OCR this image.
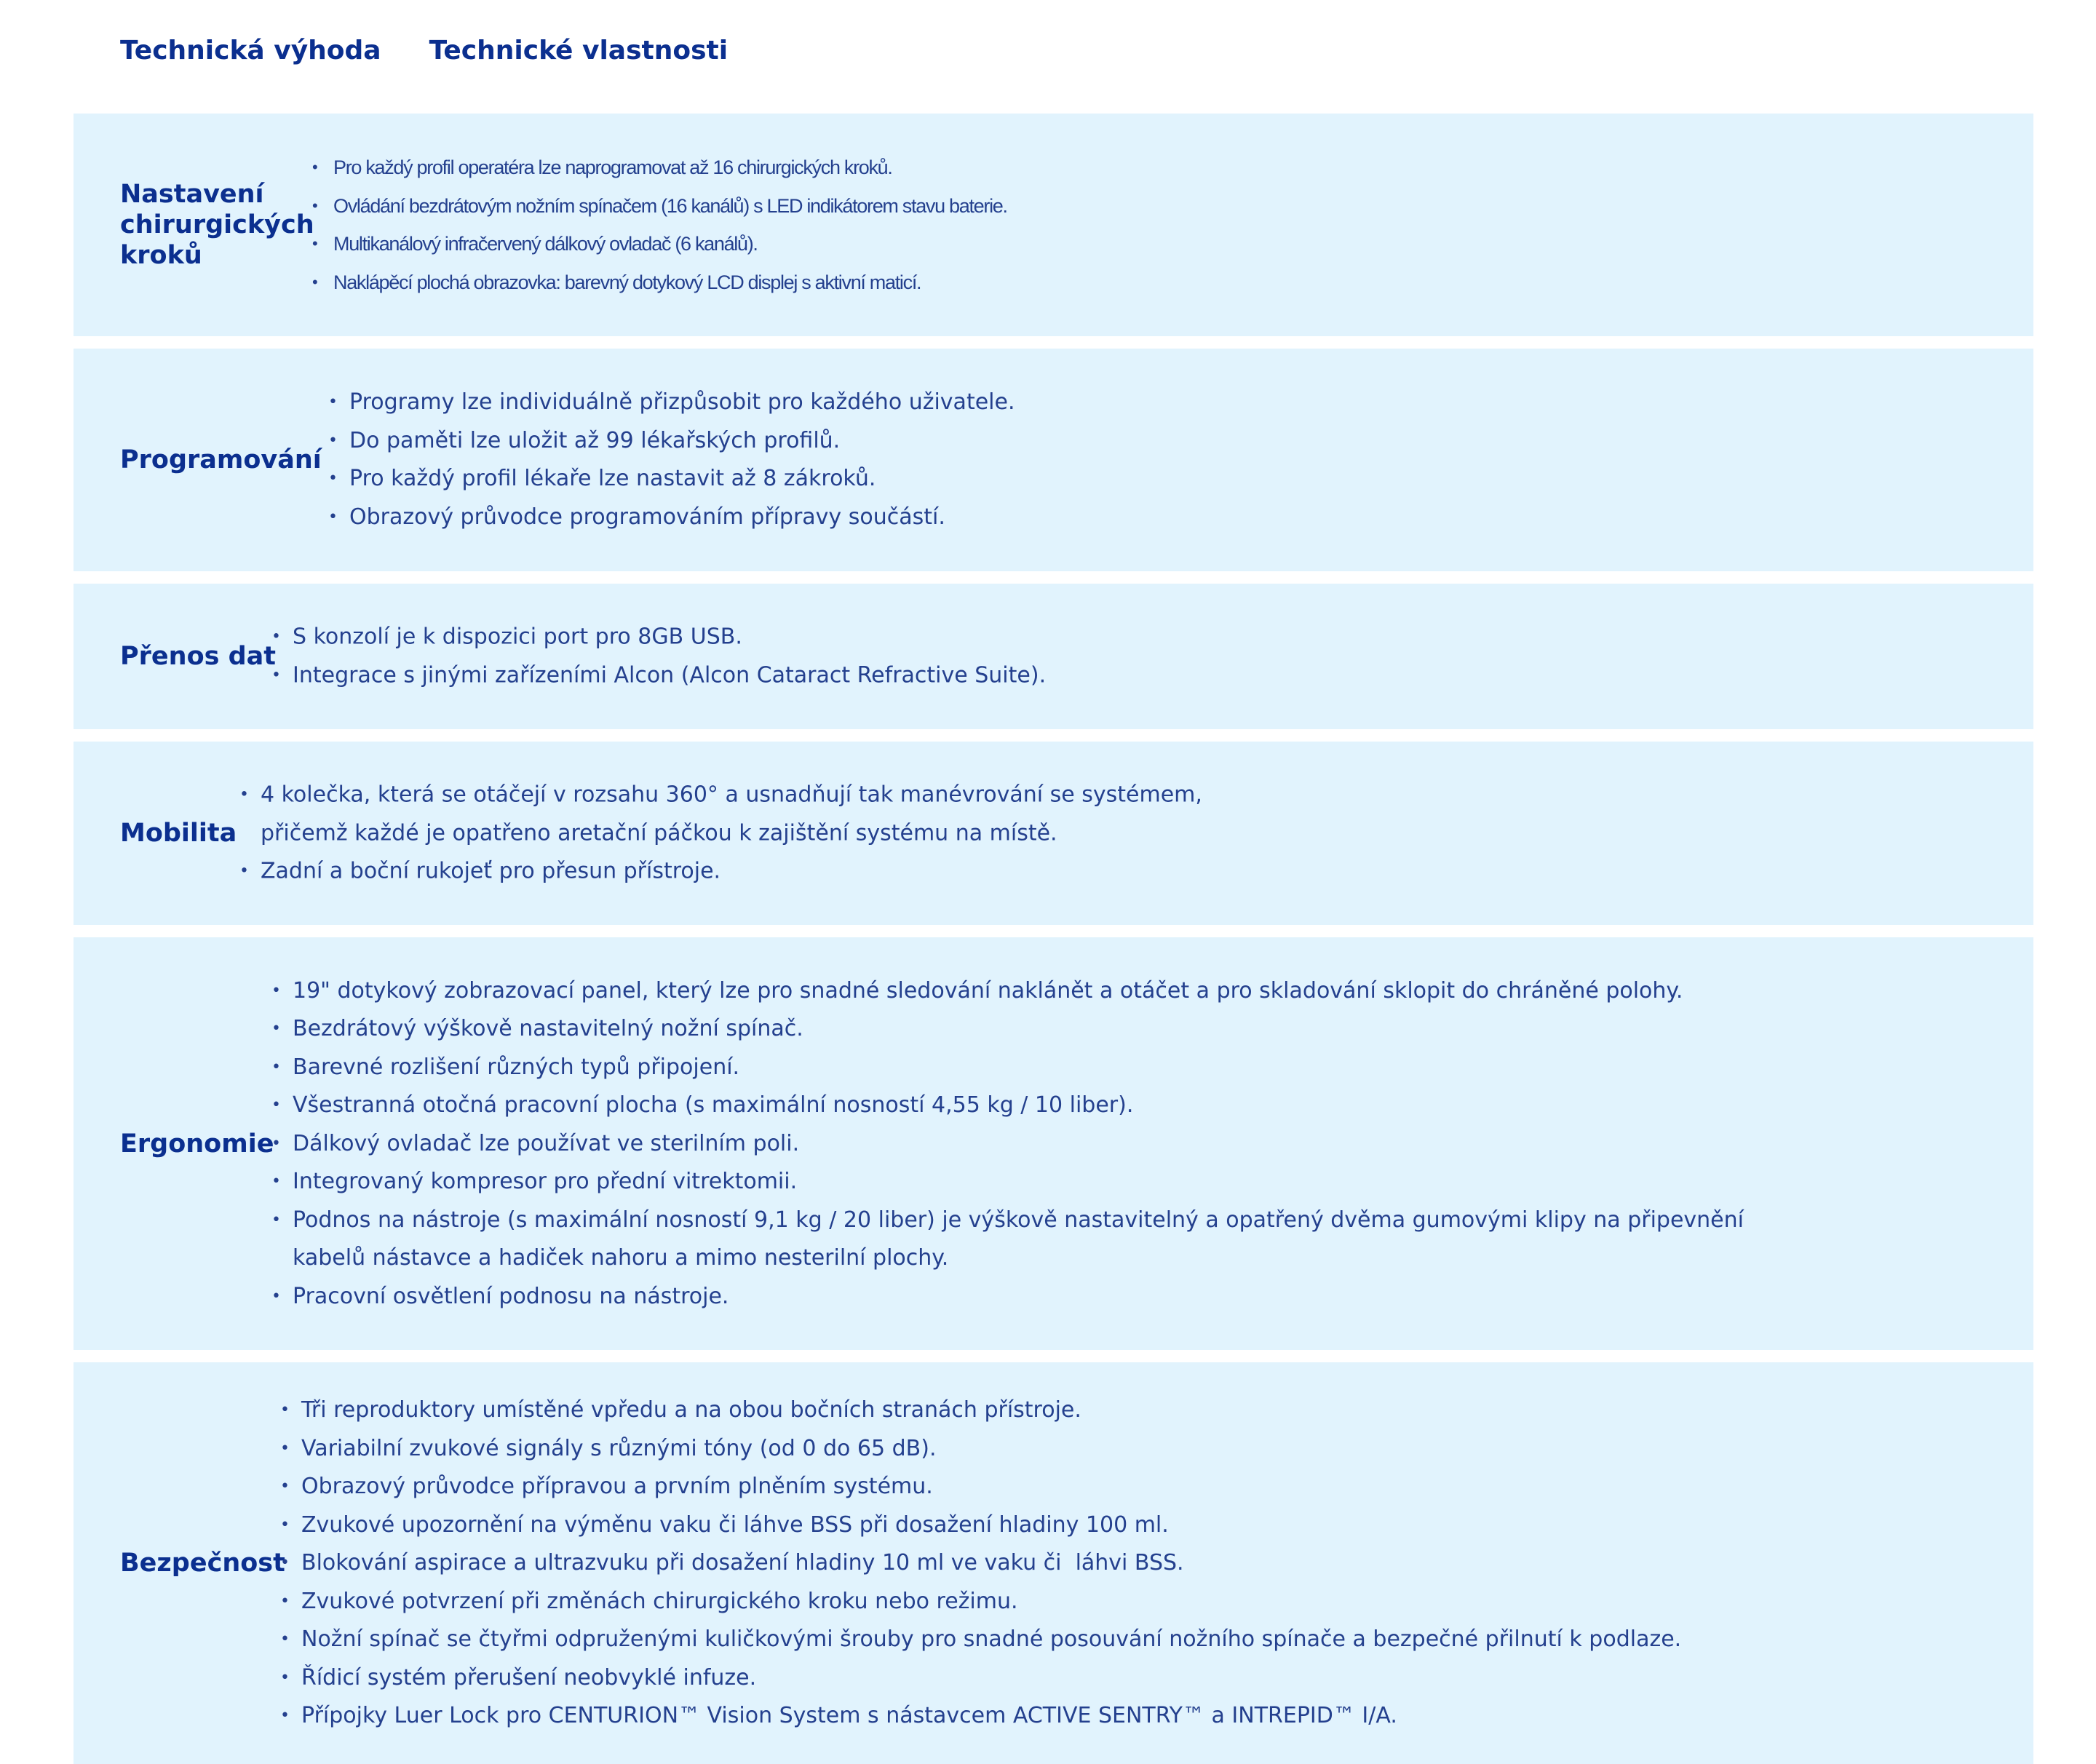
Technická výhoda Technické vlastnosti
Nastavení chirurgických kroků
• Pro každý profil operatéra lze naprogramovat až 16 chirurgických kroků.
• Ovládání bezdrátovým nožním spínačem (16 kanálů) s LED indikátorem stavu baterie.
• Multikanálový infračervený dálkový ovladač (6 kanálů).
• Naklápěcí plochá obrazovka: barevný dotykový LCD displej s aktivní maticí.
Programování
• Programy lze individuálně přizpůsobit pro každého uživatele.
• Do paměti lze uložit až 99 lékařských profilů.
• Pro každý profil lékaře lze nastavit až 8 zákroků.
• Obrazový průvodce programováním přípravy součástí.
Přenos dat
• S konzolí je k dispozici port pro 8GB USB.
• Integrace s jinými zařízeními Alcon (Alcon Cataract Refractive Suite).
Mobilita
• 4 kolečka, která se otáčejí v rozsahu 360° a usnadňují tak manévrování se systémem,
přičemž každé je opatřeno aretační páčkou k zajištění systému na místě.
• Zadní a boční rukojeť pro přesun přístroje.
Ergonomie
• 19" dotykový zobrazovací panel, který lze pro snadné sledování naklánět a otáčet a pro skladování sklopit do chráněné polohy.
• Bezdrátový výškově nastavitelný nožní spínač.
• Barevné rozlišení různých typů připojení.
• Všestranná otočná pracovní plocha (s maximální nosností 4,55 kg / 10 liber).
• Dálkový ovladač lze používat ve sterilním poli.
• Integrovaný kompresor pro přední vitrektomii.
• Podnos na nástroje (s maximální nosností 9,1 kg / 20 liber) je výškově nastavitelný a opatřený dvěma gumovými klipy na připevnění
kabelů nástavce a hadiček nahoru a mimo nesterilní plochy.
• Pracovní osvětlení podnosu na nástroje.
Bezpečnost
• Tři reproduktory umístěné vpředu a na obou bočních stranách přístroje.
• Variabilní zvukové signály s různými tóny (od 0 do 65 dB).
• Obrazový průvodce přípravou a prvním plněním systému.
• Zvukové upozornění na výměnu vaku či láhve BSS při dosažení hladiny 100 ml.
• Blokování aspirace a ultrazvuku při dosažení hladiny 10 ml ve vaku či  láhvi BSS.
• Zvukové potvrzení při změnách chirurgického kroku nebo režimu.
• Nožní spínač se čtyřmi odpruženými kuličkovými šrouby pro snadné posouvání nožního spínače a bezpečné přilnutí k podlaze.
• Řídicí systém přerušení neobvyklé infuze.
• Přípojky Luer Lock pro CENTURION™ Vision System s nástavcem ACTIVE SENTRY™ a INTREPID™ I/A.
